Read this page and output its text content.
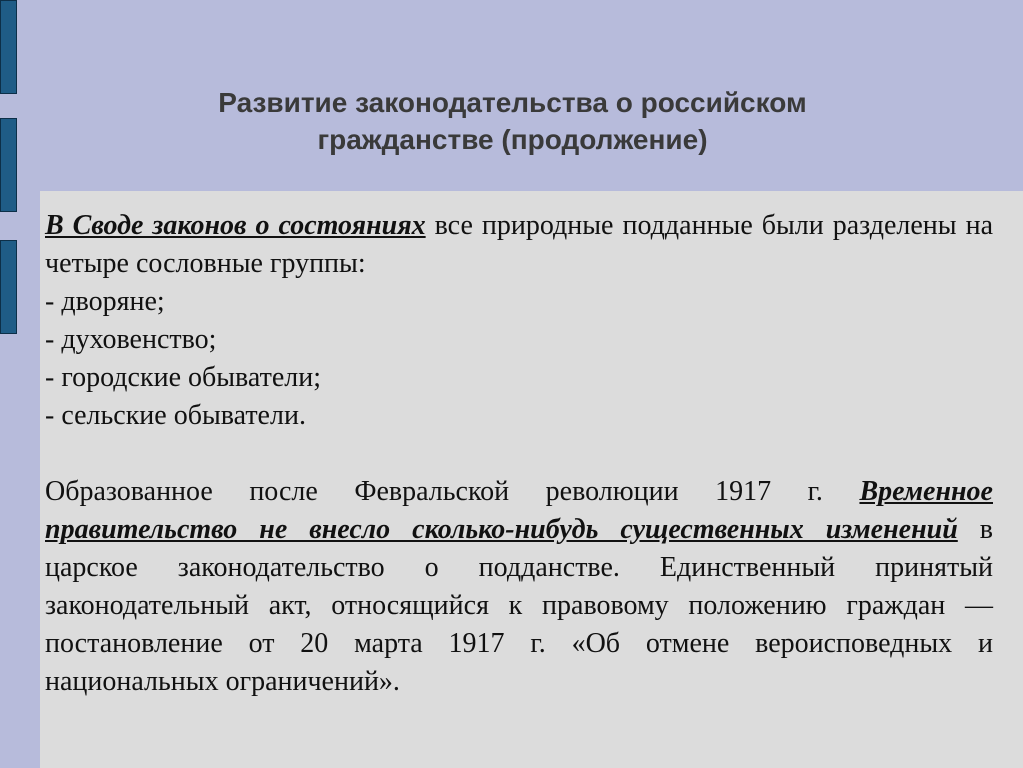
Развитие законодательства о российском
гражданстве (продолжение)

В Своде законов о состояниях все природные подданные были разделены на четыре сословные группы:

- дворяне;

- духовенство;

- городские обыватели;

- сельские обыватели.

Образованное после Февральской революции 1917 г. Временное правительство не внесло сколько-нибудь существенных изменений в царское законодательство о подданстве. Единственный принятый законодательный акт, относящийся к правовому положению граждан — постановление от 20 марта 1917 г. «Об отмене вероисповедных и национальных ограничений».
